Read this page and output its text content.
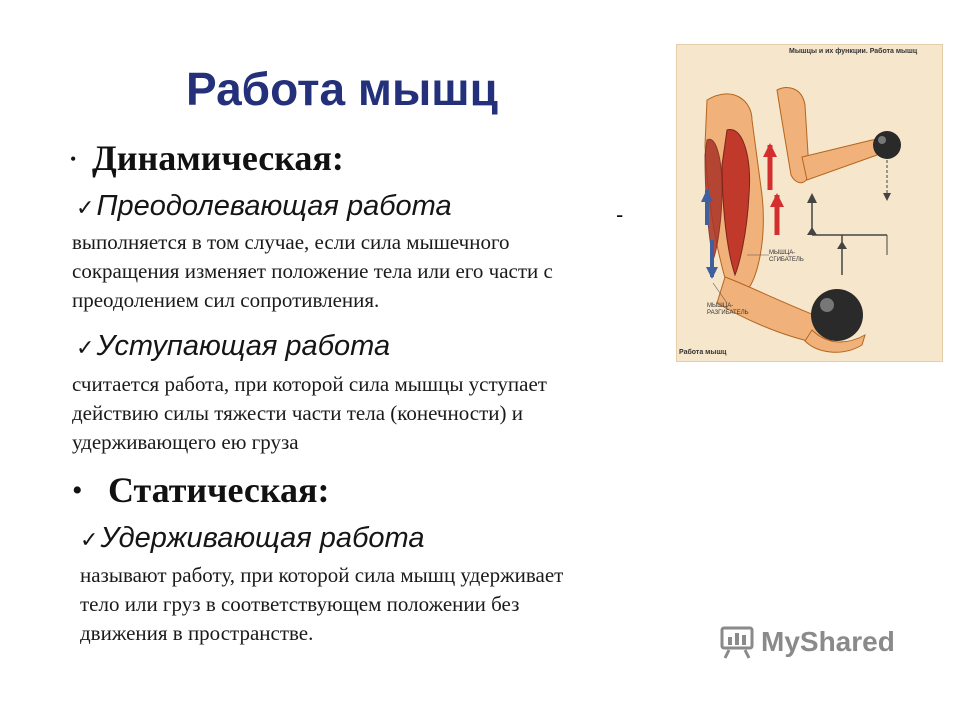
Работа мышц
• Динамическая:
✓Преодолевающая работа	-
выполняется в том случае, если сила мышечного
сокращения изменяет положение тела или его части с
преодолением сил сопротивления.
✓Уступающая работа
считается работа, при которой сила мышцы уступает
действию силы тяжести части тела (конечности) и
удерживающего ею груза
• Статическая:
✓Удерживающая работа
называют работу, при которой сила мышц удерживает
тело или груз в соответствующем положении без
движения в пространстве.
Мышцы и их функции. Работа мышц
МЫШЦА-
СГИБАТЕЛЬ
МЫШЦА-
РАЗГИБАТЕЛЬ
Работа мышц
MyShared
